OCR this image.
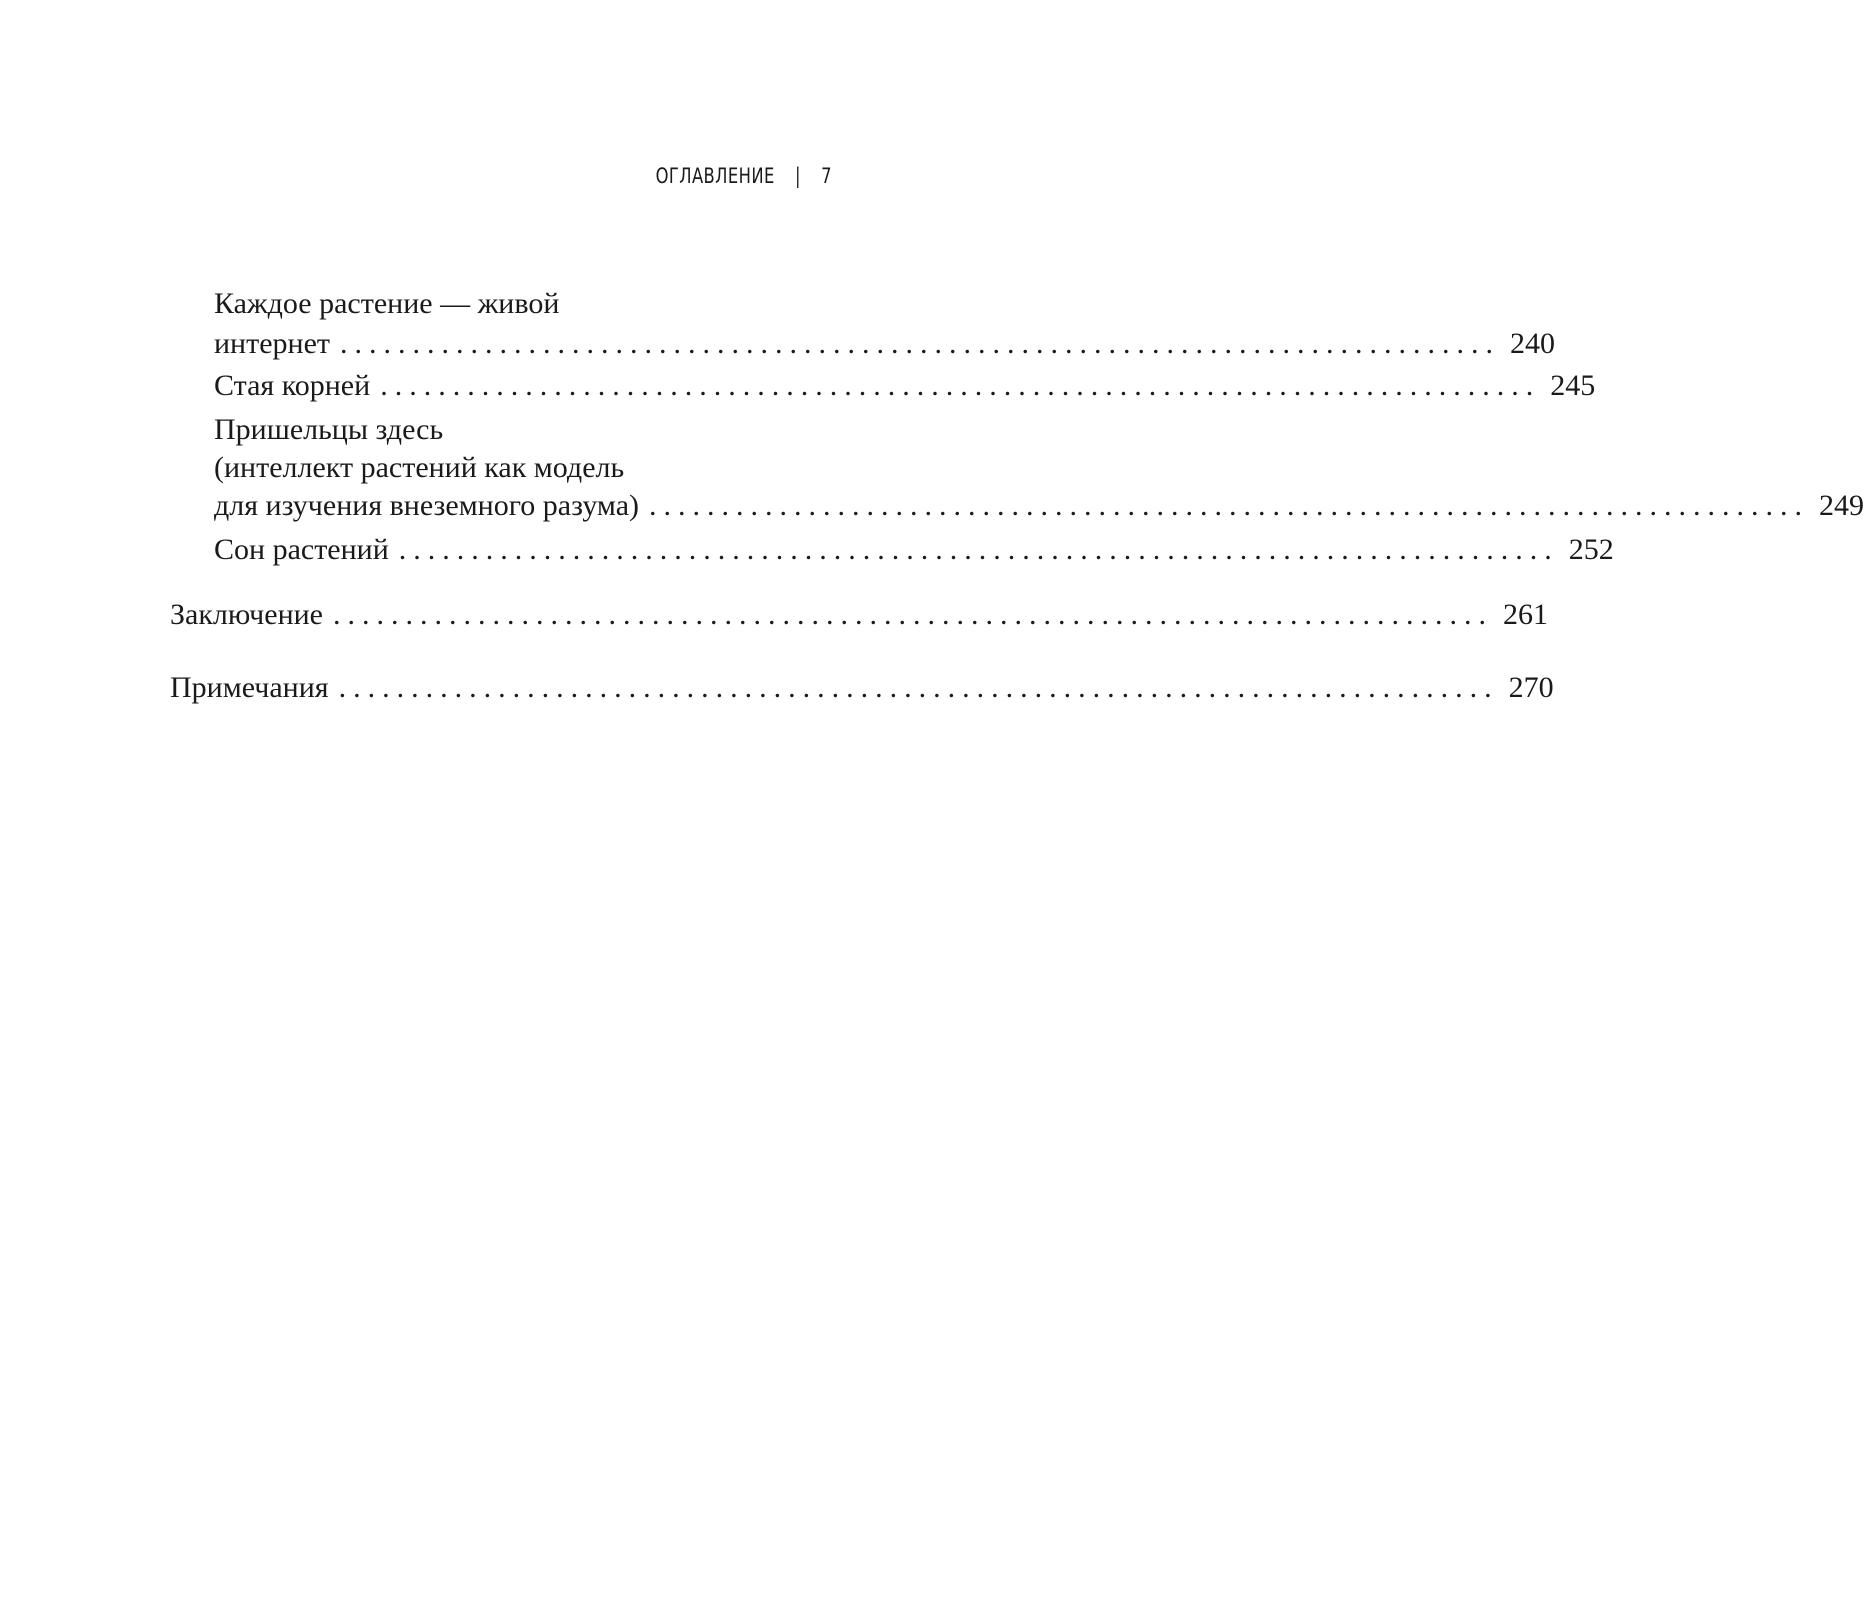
ОГЛАВЛЕНИЕ | 7
Каждое растение — живой
интернет ................................................................................ 240
Стая корней ................................................................................ 245
Пришельцы здесь
(интеллект растений как модель
для изучения внеземного разума) ................................................................................ 249
Сон растений ................................................................................ 252
Заключение ................................................................................ 261
Примечания ................................................................................ 270
